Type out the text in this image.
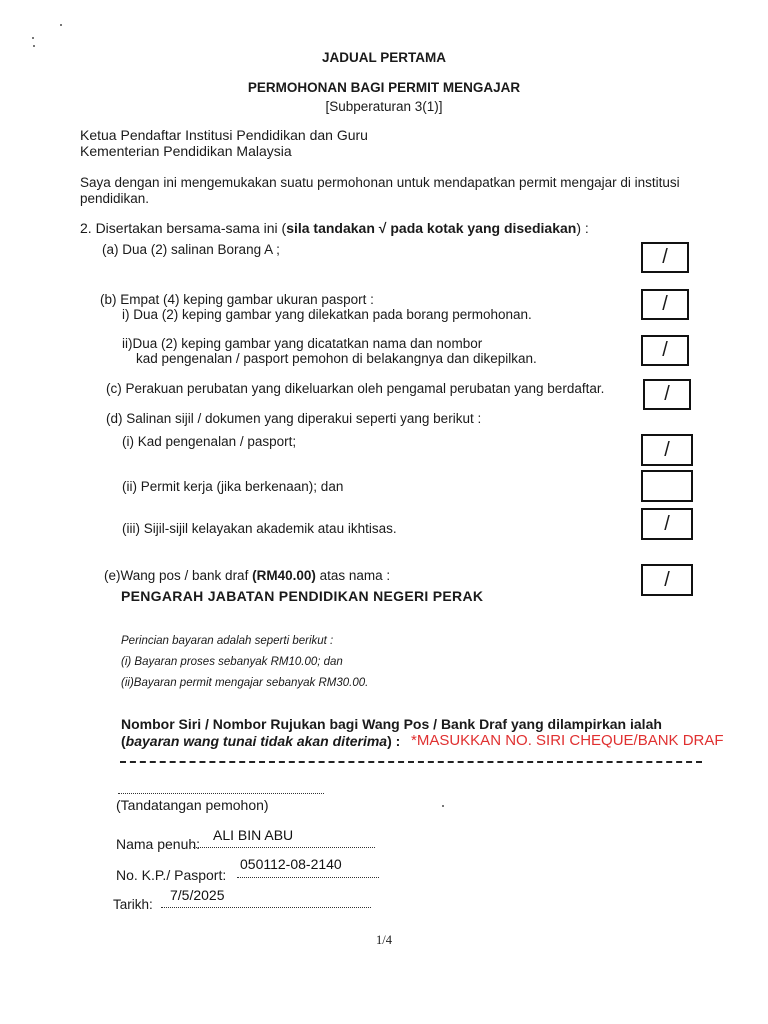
JADUAL PERTAMA
PERMOHONAN BAGI PERMIT MENGAJAR
[Subperaturan 3(1)]
Ketua Pendaftar Institusi Pendidikan dan Guru
Kementerian Pendidikan Malaysia
Saya dengan ini mengemukakan suatu permohonan untuk mendapatkan permit mengajar di institusi
pendidikan.
2. Disertakan bersama-sama ini (sila tandakan √ pada kotak yang disediakan) :
(a) Dua (2) salinan Borang A ;	/
(b) Empat (4) keping gambar ukuran pasport :
i) Dua (2) keping gambar yang dilekatkan pada borang permohonan.	/
ii)Dua (2) keping gambar yang dicatatkan nama dan nombor
kad pengenalan / pasport pemohon di belakangnya dan dikepilkan.	/
(c) Perakuan perubatan yang dikeluarkan oleh pengamal perubatan yang berdaftar.	/
(d) Salinan sijil / dokumen yang diperakui seperti yang berikut :
(i) Kad pengenalan / pasport;	/
(ii) Permit kerja (jika berkenaan); dan
(iii) Sijil-sijil kelayakan akademik atau ikhtisas.	/
(e)Wang pos / bank draf (RM40.00) atas nama :	/
PENGARAH JABATAN PENDIDIKAN NEGERI PERAK
Perincian bayaran adalah seperti berikut :
(i) Bayaran proses sebanyak RM10.00; dan
(ii)Bayaran permit mengajar sebanyak RM30.00.
Nombor Siri / Nombor Rujukan bagi Wang Pos / Bank Draf yang dilampirkan ialah
(bayaran wang tunai tidak akan diterima) : *MASUKKAN NO. SIRI CHEQUE/BANK DRAF
(Tandatangan pemohon)
Nama penuh:
ALI BIN ABU
No. K.P./ Pasport:
050112-08-2140
Tarikh:
7/5/2025
1/4
